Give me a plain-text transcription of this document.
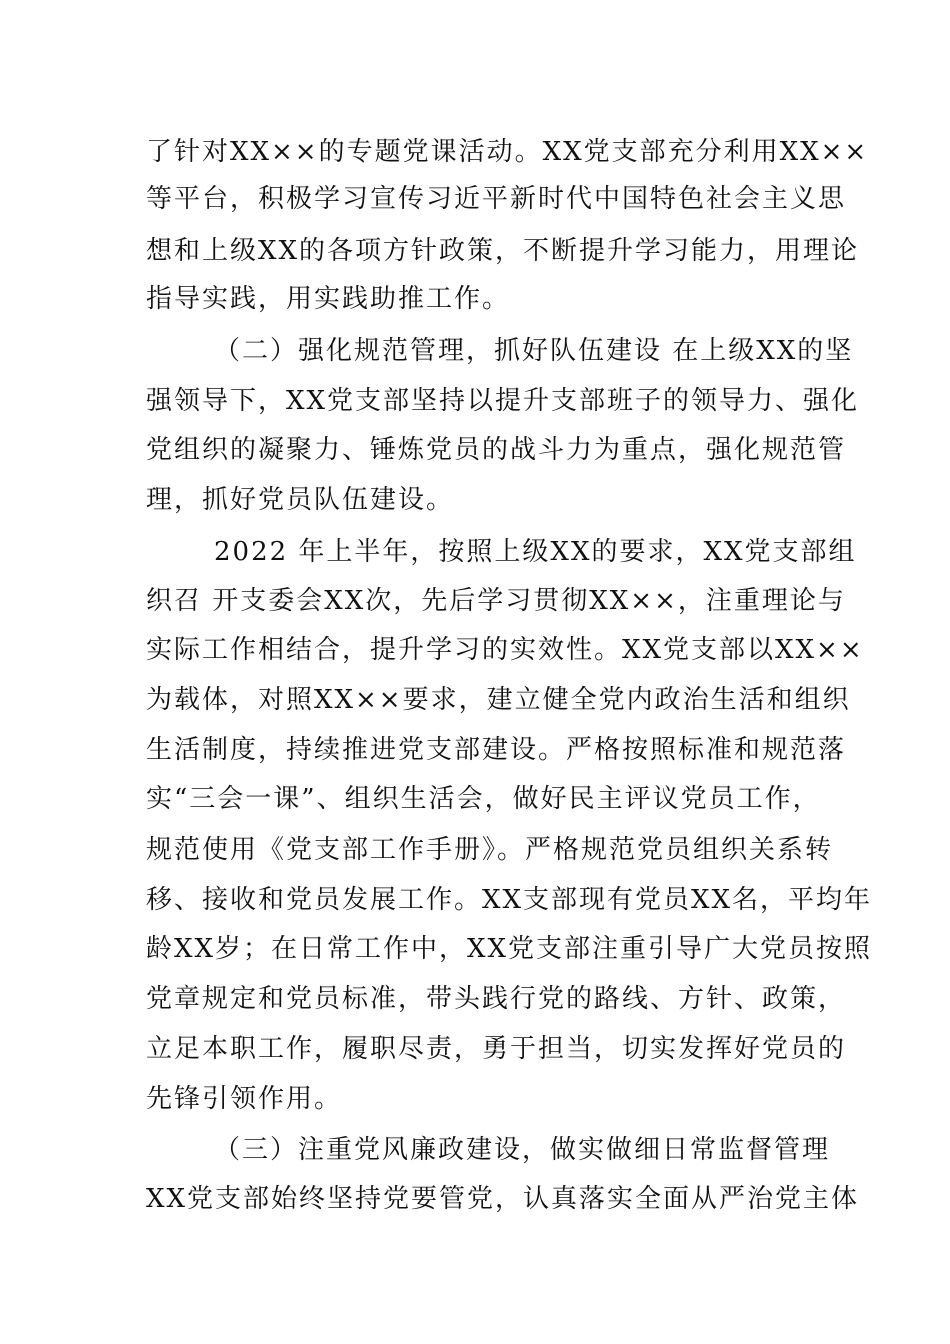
了针对XX××的专题党课活动。XX党支部充分利用XX××
等平台，积极学习宣传习近平新时代中国特色社会主义思
想和上级XX的各项方针政策，不断提升学习能力，用理论
指导实践，用实践助推工作。
（二）强化规范管理，抓好队伍建设 在上级XX的坚
强领导下，XX党支部坚持以提升支部班子的领导力、强化
党组织的凝聚力、锤炼党员的战斗力为重点，强化规范管
理，抓好党员队伍建设。
2022 年上半年，按照上级XX的要求，XX党支部组
织召 开支委会XX次，先后学习贯彻XX××，注重理论与
实际工作相结合，提升学习的实效性。XX党支部以XX××
为载体，对照XX××要求，建立健全党内政治生活和组织
生活制度，持续推进党支部建设。严格按照标准和规范落
实“三会一课”、组织生活会，做好民主评议党员工作，
规范使用《党支部工作手册》。严格规范党员组织关系转
移、接收和党员发展工作。XX支部现有党员XX名，平均年
龄XX岁；在日常工作中，XX党支部注重引导广大党员按照
党章规定和党员标准，带头践行党的路线、方针、政策，
立足本职工作，履职尽责，勇于担当，切实发挥好党员的
先锋引领作用。
（三）注重党风廉政建设，做实做细日常监督管理
XX党支部始终坚持党要管党，认真落实全面从严治党主体
